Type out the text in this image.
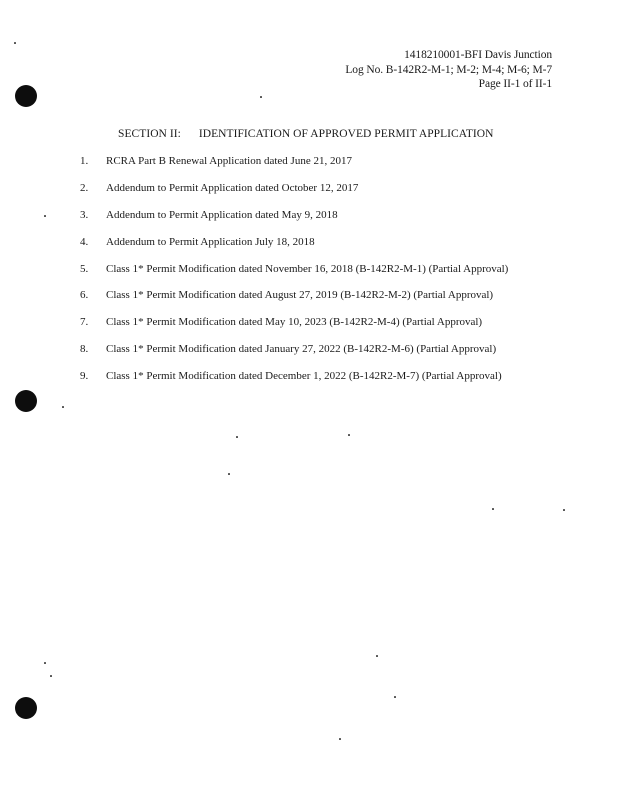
1418210001-BFI Davis Junction
Log No. B-142R2-M-1; M-2; M-4; M-6; M-7
Page II-1 of II-1
SECTION II: IDENTIFICATION OF APPROVED PERMIT APPLICATION
1.	RCRA Part B Renewal Application dated June 21, 2017
2.	Addendum to Permit Application dated October 12, 2017
3.	Addendum to Permit Application dated May 9, 2018
4.	Addendum to Permit Application July 18, 2018
5.	Class 1* Permit Modification dated November 16, 2018 (B-142R2-M-1) (Partial Approval)
6.	Class 1* Permit Modification dated August 27, 2019 (B-142R2-M-2) (Partial Approval)
7.	Class 1* Permit Modification dated May 10, 2023 (B-142R2-M-4) (Partial Approval)
8.	Class 1* Permit Modification dated January 27, 2022 (B-142R2-M-6) (Partial Approval)
9.	Class 1* Permit Modification dated December 1, 2022 (B-142R2-M-7) (Partial Approval)
